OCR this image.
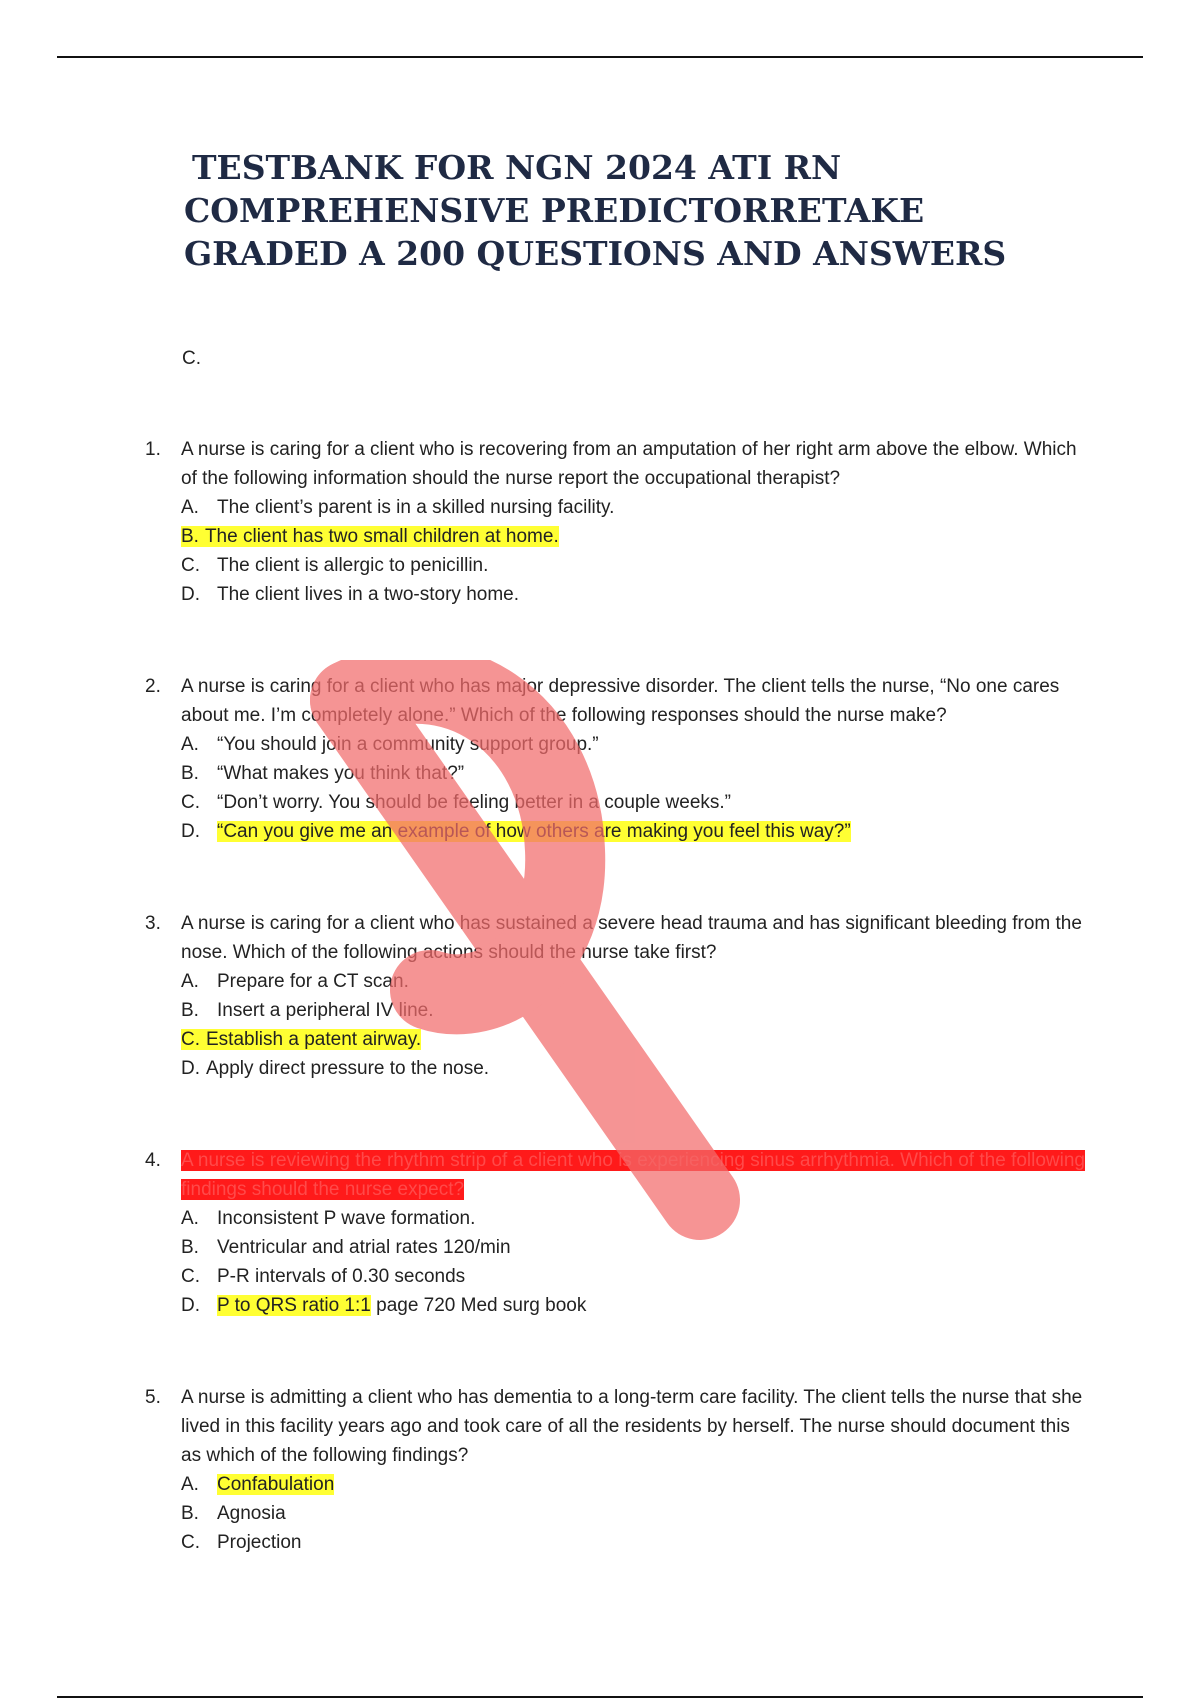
TESTBANK FOR NGN 2024 ATI RN
COMPREHENSIVE PREDICTORRETAKE
GRADED A 200 QUESTIONS AND ANSWERS
C.
1.	A nurse is caring for a client who is recovering from an amputation of her right arm above the elbow. Which of the following information should the nurse report the occupational therapist?
A. The client’s parent is in a skilled nursing facility.
B. The client has two small children at home.
C. The client is allergic to penicillin.
D. The client lives in a two-story home.
2.	A nurse is caring for a client who has major depressive disorder. The client tells the nurse, “No one cares about me. I’m completely alone.” Which of the following responses should the nurse make?
A. “You should join a community support group.”
B. “What makes you think that?”
C. “Don’t worry. You should be feeling better in a couple weeks.”
D. “Can you give me an example of how others are making you feel this way?”
3.	A nurse is caring for a client who has sustained a severe head trauma and has significant bleeding from the nose. Which of the following actions should the nurse take first?
A. Prepare for a CT scan.
B. Insert a peripheral IV line.
C. Establish a patent airway.
D. Apply direct pressure to the nose.
4.	A nurse is reviewing the rhythm strip of a client who is experiencing sinus arrhythmia. Which of the following findings should the nurse expect?
A. Inconsistent P wave formation.
B. Ventricular and atrial rates 120/min
C. P-R intervals of 0.30 seconds
D. P to QRS ratio 1:1 page 720 Med surg book
5.	A nurse is admitting a client who has dementia to a long-term care facility. The client tells the nurse that she lived in this facility years ago and took care of all the residents by herself. The nurse should document this as which of the following findings?
A. Confabulation
B. Agnosia
C. Projection
